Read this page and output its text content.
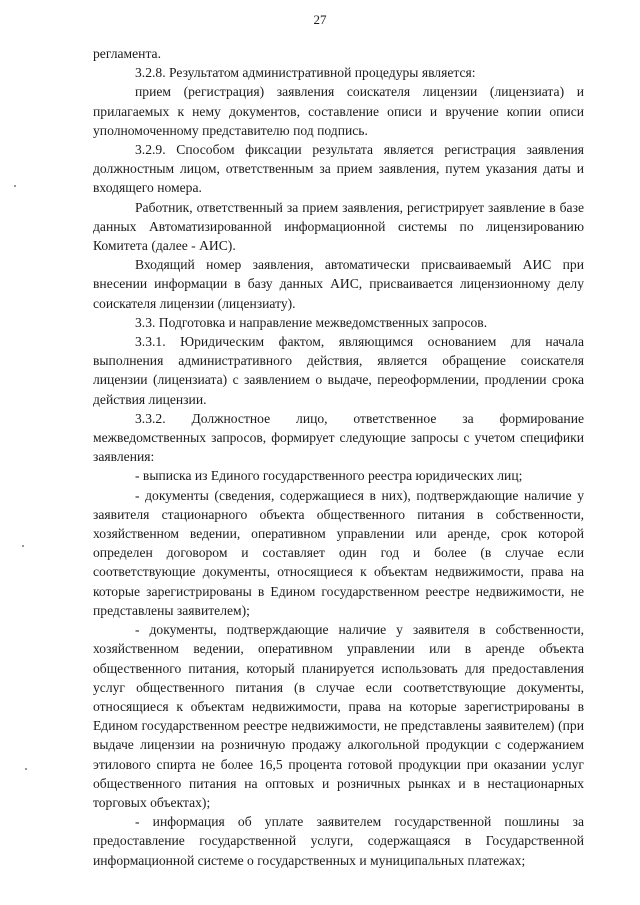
27

регламента.

3.2.8. Результатом административной процедуры является:

прием (регистрация) заявления соискателя лицензии (лицензиата) и прилагаемых к нему документов, составление описи и вручение копии описи уполномоченному представителю под подпись.

3.2.9. Способом фиксации результата является регистрация заявления должностным лицом, ответственным за прием заявления, путем указания даты и входящего номера.

Работник, ответственный за прием заявления, регистрирует заявление в базе данных Автоматизированной информационной системы по лицензированию Комитета (далее - АИС).

Входящий номер заявления, автоматически присваиваемый АИС при внесении информации в базу данных АИС, присваивается лицензионному делу соискателя лицензии (лицензиату).

3.3. Подготовка и направление межведомственных запросов.

3.3.1. Юридическим фактом, являющимся основанием для начала выполнения административного действия, является обращение соискателя лицензии (лицензиата) с заявлением о выдаче, переоформлении, продлении срока действия лицензии.

3.3.2. Должностное лицо, ответственное за формирование межведомственных запросов, формирует следующие запросы с учетом специфики заявления:

- выписка из Единого государственного реестра юридических лиц;

- документы (сведения, содержащиеся в них), подтверждающие наличие у заявителя стационарного объекта общественного питания в собственности, хозяйственном ведении, оперативном управлении или аренде, срок которой определен договором и составляет один год и более (в случае если соответствующие документы, относящиеся к объектам недвижимости, права на которые зарегистрированы в Едином государственном реестре недвижимости, не представлены заявителем);

- документы, подтверждающие наличие у заявителя в собственности, хозяйственном ведении, оперативном управлении или в аренде объекта общественного питания, который планируется использовать для предоставления услуг общественного питания (в случае если соответствующие документы, относящиеся к объектам недвижимости, права на которые зарегистрированы в Едином государственном реестре недвижимости, не представлены заявителем) (при выдаче лицензии на розничную продажу алкогольной продукции с содержанием этилового спирта не более 16,5 процента готовой продукции при оказании услуг общественного питания на оптовых и розничных рынках и в нестационарных торговых объектах);

- информация об уплате заявителем государственной пошлины за предоставление государственной услуги, содержащаяся в Государственной информационной системе о государственных и муниципальных платежах;
